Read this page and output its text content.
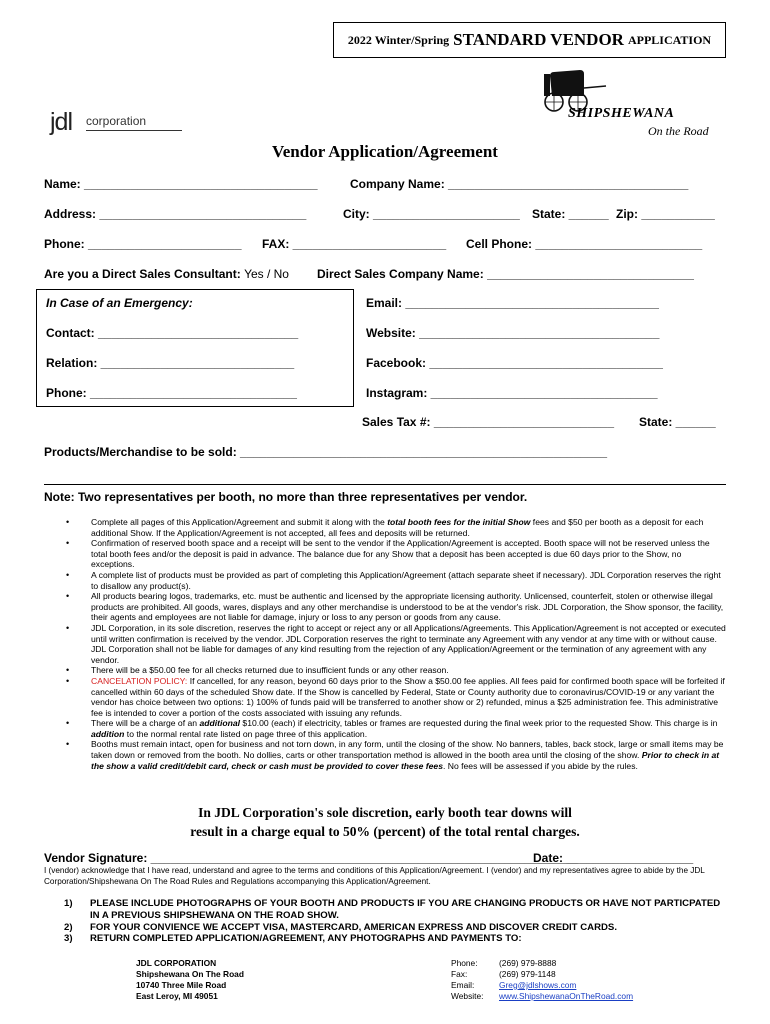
2022 Winter/Spring STANDARD VENDOR APPLICATION
jdl corporation	SHIPSHEWANA
On the Road
Vendor Application/Agreement
Name: ___________________________________	Company Name: ____________________________________
Address: _______________________________	City: ______________________ State: ______ Zip: ___________
Phone: _______________________ FAX: _______________________ Cell Phone: _________________________
Are you a Direct Sales Consultant: Yes / No Direct Sales Company Name: _______________________________
In Case of an Emergency:
Contact: ______________________________
Relation: _____________________________
Phone: _______________________________
Email: ______________________________________
Website: ____________________________________
Facebook: ___________________________________
Instagram: __________________________________
Sales Tax #: ___________________________ State: ______
Products/Merchandise to be sold: _______________________________________________________
Note: Two representatives per booth, no more than three representatives per vendor.
• Complete all pages of this Application/Agreement and submit it along with the total booth fees for the initial Show fees and $50 per booth as a deposit for each additional Show. If the Application/Agreement is not accepted, all fees and deposits will be returned.
• Confirmation of reserved booth space and a receipt will be sent to the vendor if the Application/Agreement is accepted. Booth space will not be reserved unless the total booth fees and/or the deposit is paid in advance. The balance due for any Show that a deposit has been accepted is due 60 days prior to the Show, no exceptions.
• A complete list of products must be provided as part of completing this Application/Agreement (attach separate sheet if necessary). JDL Corporation reserves the right to disallow any product(s).
• All products bearing logos, trademarks, etc. must be authentic and licensed by the appropriate licensing authority. Unlicensed, counterfeit, stolen or otherwise illegal products are prohibited. All goods, wares, displays and any other merchandise is understood to be at the vendor's risk. JDL Corporation, the Show sponsor, the facility, their agents and employees are not liable for damage, injury or loss to any person or goods from any cause.
• JDL Corporation, in its sole discretion, reserves the right to accept or reject any or all Applications/Agreements. This Application/Agreement is not accepted or executed until written confirmation is received by the vendor. JDL Corporation reserves the right to terminate any Agreement with any vendor at any time with or without cause. JDL Corporation shall not be liable for damages of any kind resulting from the rejection of any Application/Agreement or the termination of any agreement with any vendor.
• There will be a $50.00 fee for all checks returned due to insufficient funds or any other reason.
• CANCELATION POLICY: If cancelled, for any reason, beyond 60 days prior to the Show a $50.00 fee applies. All fees paid for confirmed booth space will be forfeited if cancelled within 60 days of the scheduled Show date. If the Show is cancelled by Federal, State or County authority due to coronavirus/COVID-19 or any variant the vendor has choice between two options: 1) 100% of funds paid will be transferred to another show or 2) refunded, minus a $25 administration fee. This administrative fee is intended to cover a portion of the costs associated with issuing any refunds.
• There will be a charge of an additional $10.00 (each) if electricity, tables or frames are requested during the final week prior to the requested Show. This charge is in addition to the normal rental rate listed on page three of this application.
• Booths must remain intact, open for business and not torn down, in any form, until the closing of the show. No banners, tables, back stock, large or small items may be taken down or removed from the booth. No dollies, carts or other transportation method is allowed in the booth area until the closing of the show. Prior to check in at the show a valid credit/debit card, check or cash must be provided to cover these fees. No fees will be assessed if you abide by the rules.
In JDL Corporation's sole discretion, early booth tear downs will
result in a charge equal to 50% (percent) of the total rental charges.
Vendor Signature: ________________________________________________________________
Date: ___________________
I (vendor) acknowledge that I have read, understand and agree to the terms and conditions of this Application/Agreement. I (vendor) and my representatives agree to abide by the JDL Corporation/Shipshewana On The Road Rules and Regulations accompanying this Application/Agreement.
1) PLEASE INCLUDE PHOTOGRAPHS OF YOUR BOOTH AND PRODUCTS IF YOU ARE CHANGING PRODUCTS OR HAVE NOT PARTICPATED IN A PREVIOUS SHIPSHEWANA ON THE ROAD SHOW.
2) FOR YOUR CONVIENCE WE ACCEPT VISA, MASTERCARD, AMERICAN EXPRESS AND DISCOVER CREDIT CARDS.
3) RETURN COMPLETED APPLICATION/AGREEMENT, ANY PHOTOGRAPHS AND PAYMENTS TO:
JDL CORPORATION
Shipshewana On The Road
10740 Three Mile Road
East Leroy, MI 49051
Phone:	(269) 979-8888
Fax:	(269) 979-1148
Email:	Greg@jdlshows.com
Website: www.ShipshewanaOnTheRoad.com
